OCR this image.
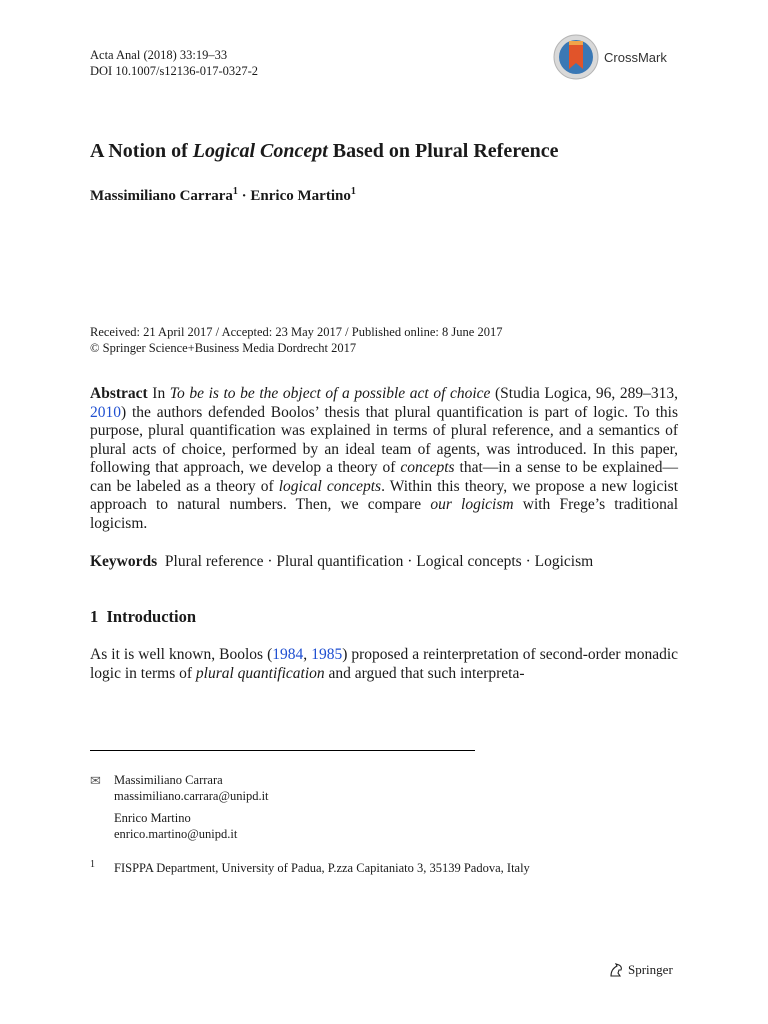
Acta Anal (2018) 33:19–33
DOI 10.1007/s12136-017-0327-2
CrossMark
A Notion of Logical Concept Based on Plural Reference
Massimiliano Carrara$^1$ · Enrico Martino$^1$
Received: 21 April 2017 / Accepted: 23 May 2017 / Published online: 8 June 2017
© Springer Science+Business Media Dordrecht 2017
Abstract In To be is to be the object of a possible act of choice (Studia Logica, 96, 289–313, 2010) the authors defended Boolos’ thesis that plural quantification is part of logic. To this purpose, plural quantification was explained in terms of plural reference, and a semantics of plural acts of choice, performed by an ideal team of agents, was introduced. In this paper, following that approach, we develop a theory of concepts that—in a sense to be explained—can be labeled as a theory of logical concepts. Within this theory, we propose a new logicist approach to natural numbers. Then, we compare our logicism with Frege’s traditional logicism.
Keywords Plural reference · Plural quantification · Logical concepts · Logicism
1 Introduction
As it is well known, Boolos (1984, 1985) proposed a reinterpretation of second-order monadic logic in terms of plural quantification and argued that such interpreta-
✉	Massimiliano Carrara
massimiliano.carrara@unipd.it
Enrico Martino
enrico.martino@unipd.it
1	FISPPA Department, University of Padua, P.zza Capitaniato 3, 35139 Padova, Italy
Springer
